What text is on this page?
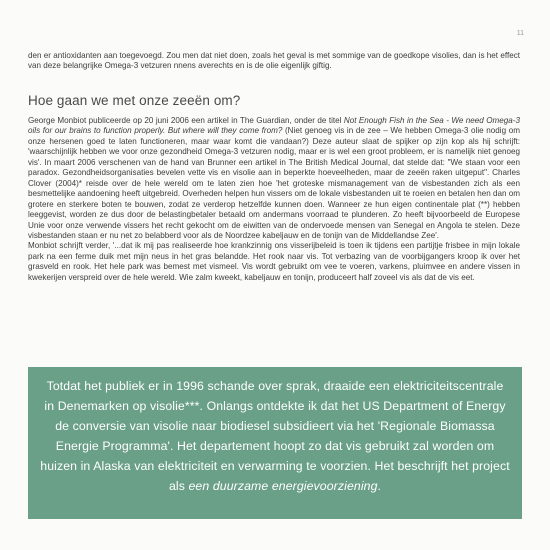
11

den er antioxidanten aan toegevoegd. Zou men dat niet doen, zoals het geval is met sommige van de goedkope visolies, dan is het effect van deze belangrijke Omega-3 vetzuren nnens averechts en is de olie eigenlijk giftig.

Hoe gaan we met onze zeeën om?

George Monbiot publiceerde op 20 juni 2006 een artikel in The Guardian, onder de titel Not Enough Fish in the Sea - We need Omega-3 oils for our brains to function properly. But where will they come from? (Niet genoeg vis in de zee – We hebben Omega-3 olie nodig om onze hersenen goed te laten functioneren, maar waar komt die vandaan?) Deze auteur slaat de spijker op zijn kop als hij schrijft: 'waarschijnlijk hebben we voor onze gezondheid Omega-3 vetzuren nodig, maar er is wel een groot probleem, er is namelijk niet genoeg vis'. In maart 2006 verschenen van de hand van Brunner een artikel in The British Medical Journal, dat stelde dat: "We staan voor een paradox. Gezondheidsorganisaties bevelen vette vis en visolie aan in beperkte hoeveelheden, maar de zeeën raken uitgeput". Charles Clover (2004)* reisde over de hele wereld om te laten zien hoe 'het groteske mismanagement van de visbestanden zich als een besmettelijke aandoening heeft uitgebreid. Overheden helpen hun vissers om de lokale visbestanden uit te roeien en betalen hen dan om grotere en sterkere boten te bouwen, zodat ze verderop hetzelfde kunnen doen. Wanneer ze hun eigen continentale plat (**) hebben leeggevist, worden ze dus door de belastingbetaler betaald om andermans voorraad te plunderen. Zo heeft bijvoorbeeld de Europese Unie voor onze verwende vissers het recht gekocht om de eiwitten van de ondervoede mensen van Senegal en Angola te stelen. Deze visbestanden staan er nu net zo belabberd voor als de Noordzee kabeljauw en de tonijn van de Middellandse Zee'.

Monbiot schrijft verder, '...dat ik mij pas realiseerde hoe krankzinnig ons visserijbeleid is toen ik tijdens een partijtje frisbee in mijn lokale park na een ferme duik met mijn neus in het gras belandde. Het rook naar vis. Tot verbazing van de voorbijgangers kroop ik over het grasveld en rook. Het hele park was bemest met vismeel. Vis wordt gebruikt om vee te voeren, varkens, pluimvee en andere vissen in kwekerijen verspreid over de hele wereld. Wie zalm kweekt, kabeljauw en tonijn, produceert half zoveel vis als dat de vis eet.

Totdat het publiek er in 1996 schande over sprak, draaide een elektriciteitscentrale in Denemarken op visolie***. Onlangs ontdekte ik dat het US Department of Energy de conversie van visolie naar biodiesel subsidieert via het 'Regionale Biomassa Energie Programma'. Het departement hoopt zo dat vis gebruikt zal worden om huizen in Alaska van elektriciteit en verwarming te voorzien. Het beschrijft het project als een duurzame energievoorziening.
